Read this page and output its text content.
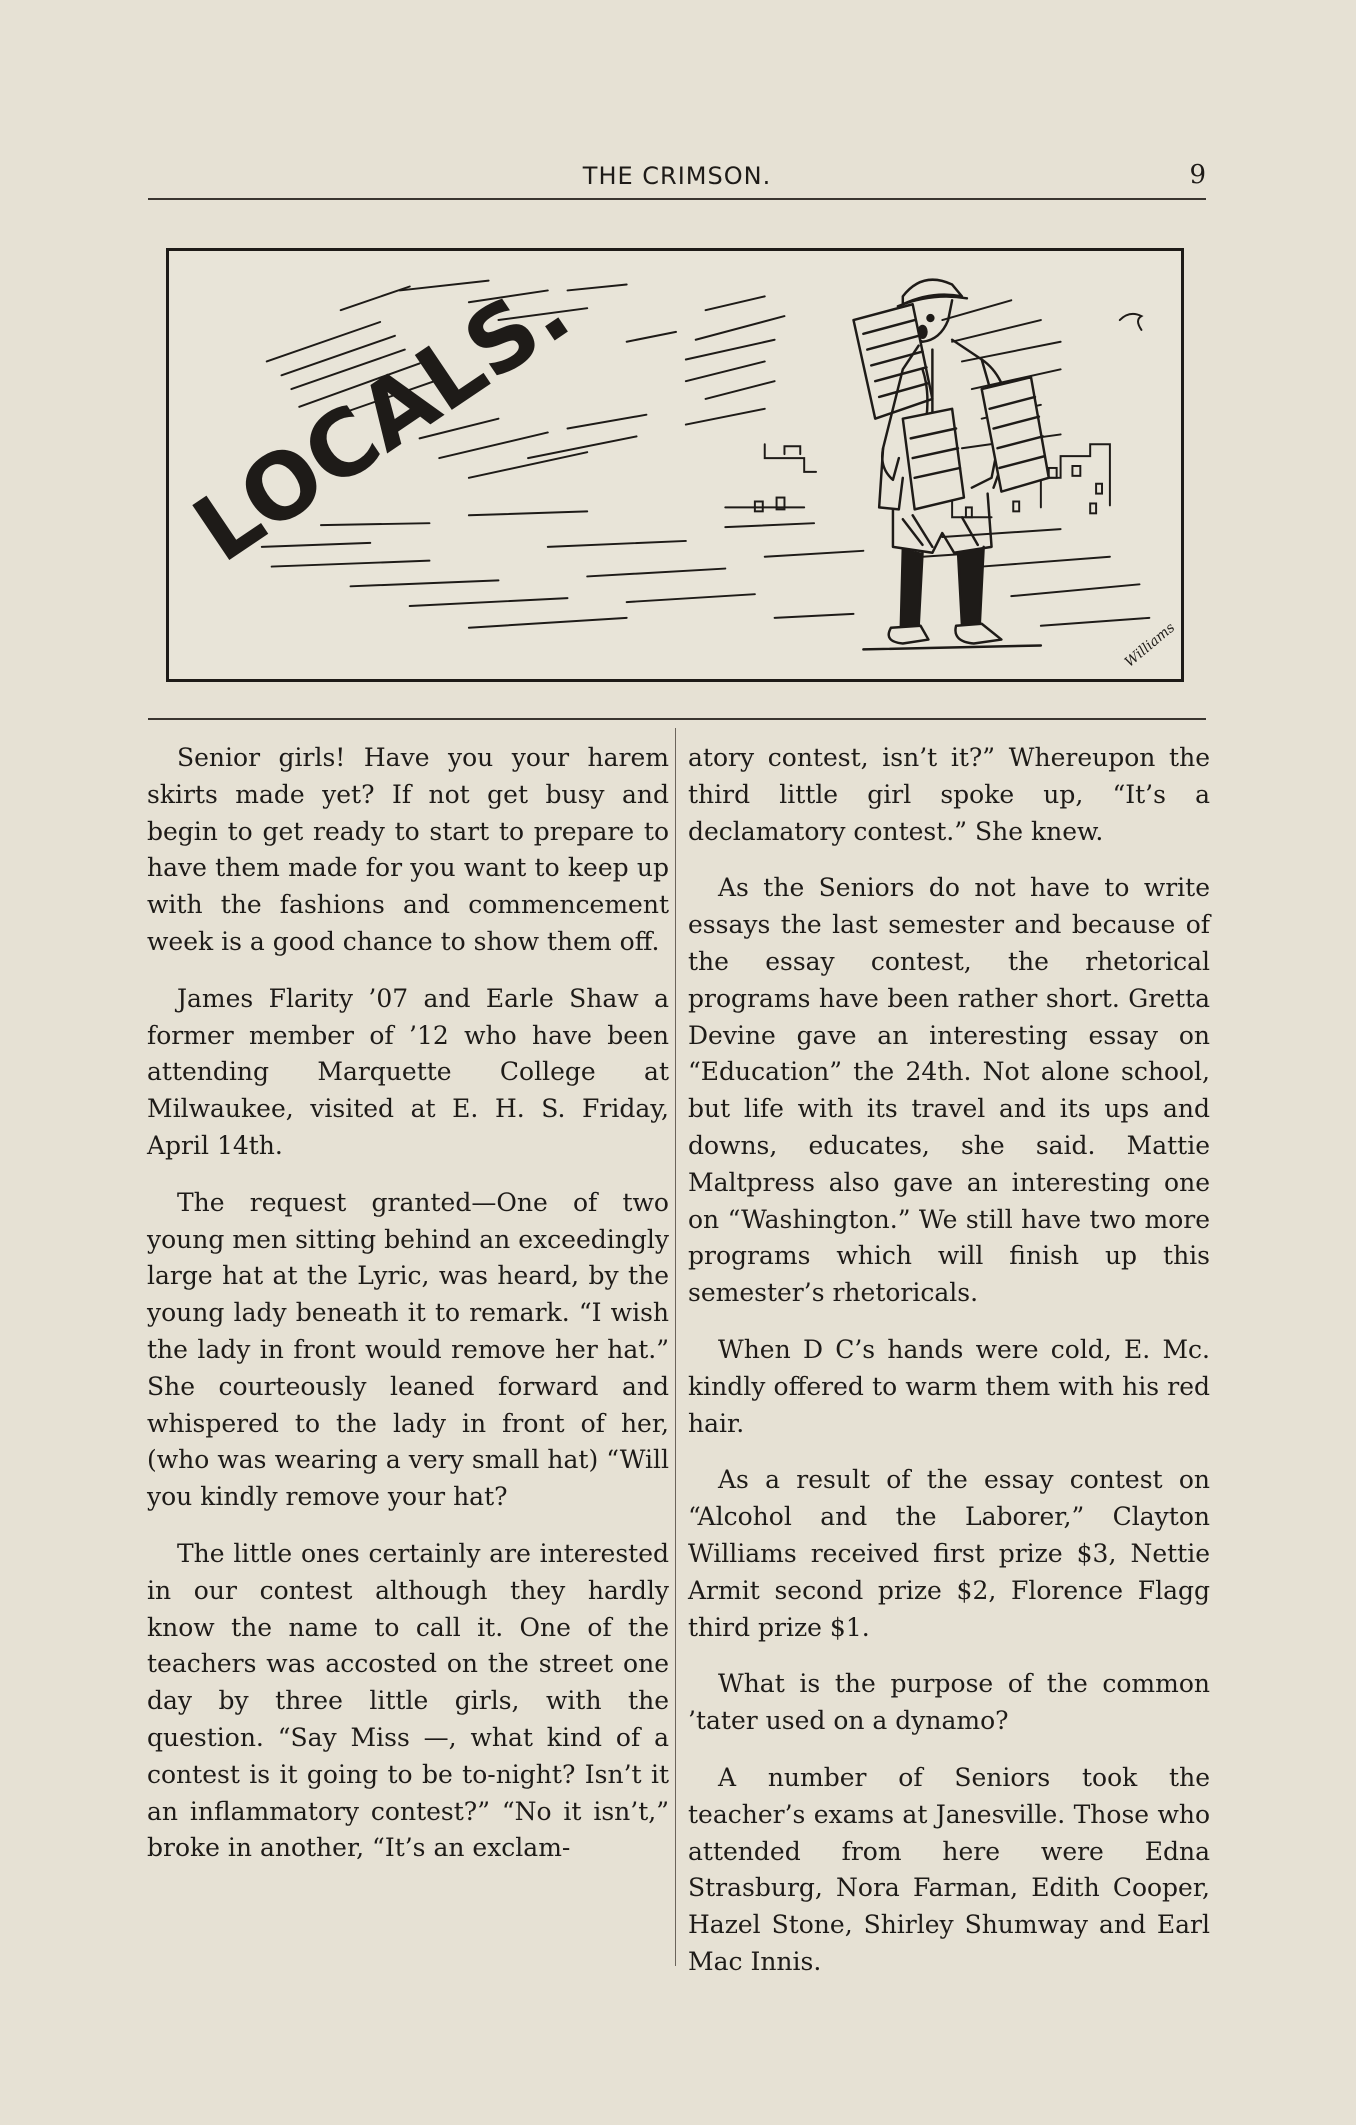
THE CRIMSON.	9
LOCALS.
Williams

Senior girls! Have you your harem skirts made yet? If not get busy and begin to get ready to start to prepare to have them made for you want to keep up with the fashions and commencement week is a good chance to show them off.

James Flarity ’07 and Earle Shaw a former member of ’12 who have been attending Marquette College at Milwaukee, visited at E. H. S. Friday, April 14th.

The request granted—One of two young men sitting behind an exceedingly large hat at the Lyric, was heard, by the young lady beneath it to remark. “I wish the lady in front would remove her hat.” She courteously leaned forward and whispered to the lady in front of her, (who was wearing a very small hat) “Will you kindly remove your hat?

The little ones certainly are interested in our contest although they hardly know the name to call it. One of the teachers was accosted on the street one day by three little girls, with the question. “Say Miss —, what kind of a contest is it going to be to-night? Isn’t it an inflammatory contest?” “No it isn’t,” broke in another, “It’s an exclam-

atory contest, isn’t it?” Whereupon the third little girl spoke up, “It’s a declamatory contest.” She knew.

As the Seniors do not have to write essays the last semester and because of the essay contest, the rhetorical programs have been rather short. Gretta Devine gave an interesting essay on “Education” the 24th. Not alone school, but life with its travel and its ups and downs, educates, she said. Mattie Maltpress also gave an interesting one on “Washington.” We still have two more programs which will finish up this semester’s rhetoricals.

When D C’s hands were cold, E. Mc. kindly offered to warm them with his red hair.

As a result of the essay contest on “Alcohol and the Laborer,” Clayton Williams received first prize $3, Nettie Armit second prize $2, Florence Flagg third prize $1.

What is the purpose of the common ’tater used on a dynamo?

A number of Seniors took the teacher’s exams at Janesville. Those who attended from here were Edna Strasburg, Nora Farman, Edith Cooper, Hazel Stone, Shirley Shumway and Earl Mac Innis.
